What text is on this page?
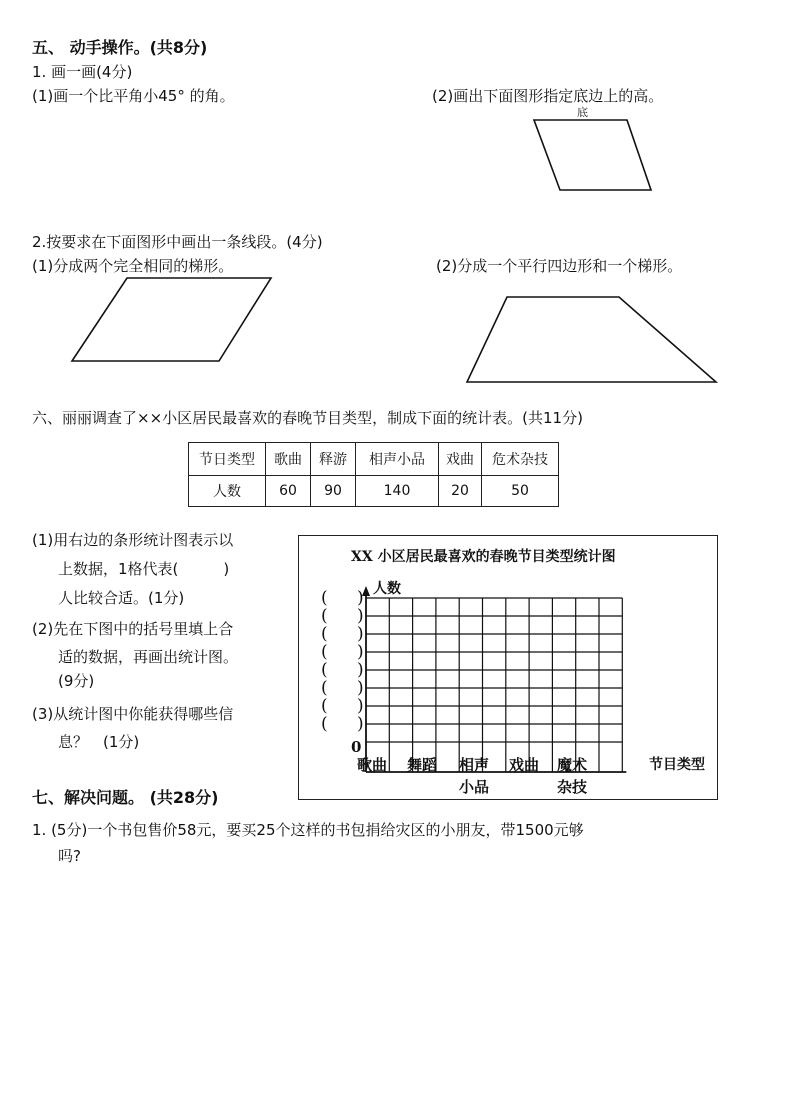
五、 动手操作。(共8分)
1. 画一画(4分)
(1)画一个比平角小45° 的角。	(2)画出下面图形指定底边上的高。
底
2.按要求在下面图形中画出一条线段。(4分)
(1)分成两个完全相同的梯形。	(2)分成一个平行四边形和一个梯形。
六、丽丽调查了××小区居民最喜欢的春晚节目类型，制成下面的统计表。(共11分)
节日类型	歌曲	释游	相声小品	戏曲	危术杂技
人数	60	90	140	20	50
(1)用右边的条形统计图表示以
上数据，1格代表(　　　)
人比较合适。(1分)
(2)先在下图中的括号里填上合
适的数据，再画出统计图。
(9分)
(3)从统计图中你能获得哪些信
息？　(1分)
XX 小区居民最喜欢的春晚节目类型统计图
人数
0
节目类型
歌曲 舞蹈 相声
小品
戏曲 魔术
杂技
( )
( )
( )
( )
( )
( )
( )
( )
七、解决问题。 (共28分)
1. (5分)一个书包售价58元，要买25个这样的书包捐给灾区的小朋友，带1500元够
吗?
